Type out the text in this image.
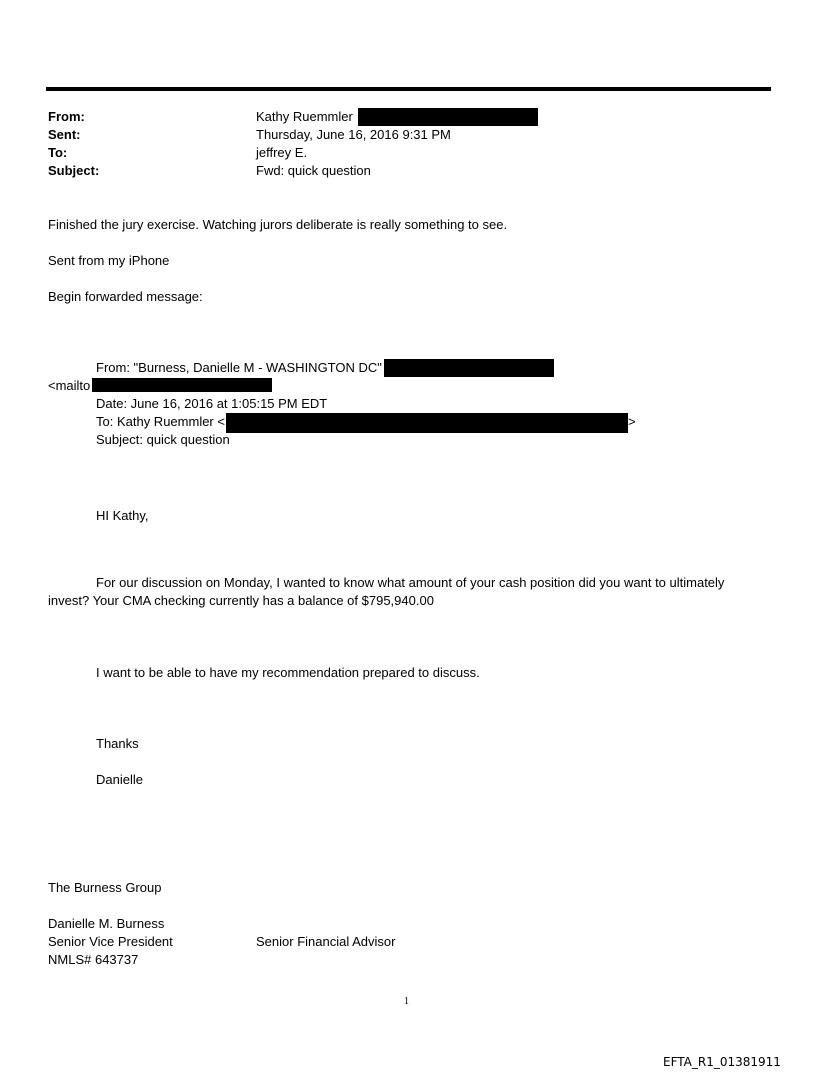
From:
Sent:
To:
Subject:
Kathy Ruemmler
Thursday, June 16, 2016 9:31 PM
jeffrey E.
Fwd: quick question
Finished the jury exercise. Watching jurors deliberate is really something to see.
Sent from my iPhone
Begin forwarded message:
From: "Burness, Danielle M - WASHINGTON DC"
<mailto
Date: June 16, 2016 at 1:05:15 PM EDT
To: Kathy Ruemmler <	>
Subject: quick question
HI Kathy,
For our discussion on Monday, I wanted to know what amount of your cash position did you want to ultimately
invest? Your CMA checking currently has a balance of $795,940.00
I want to be able to have my recommendation prepared to discuss.
Thanks
Danielle
The Burness Group
Danielle M. Burness
Senior Vice President	Senior Financial Advisor
NMLS# 643737
1
EFTA_R1_01381911
